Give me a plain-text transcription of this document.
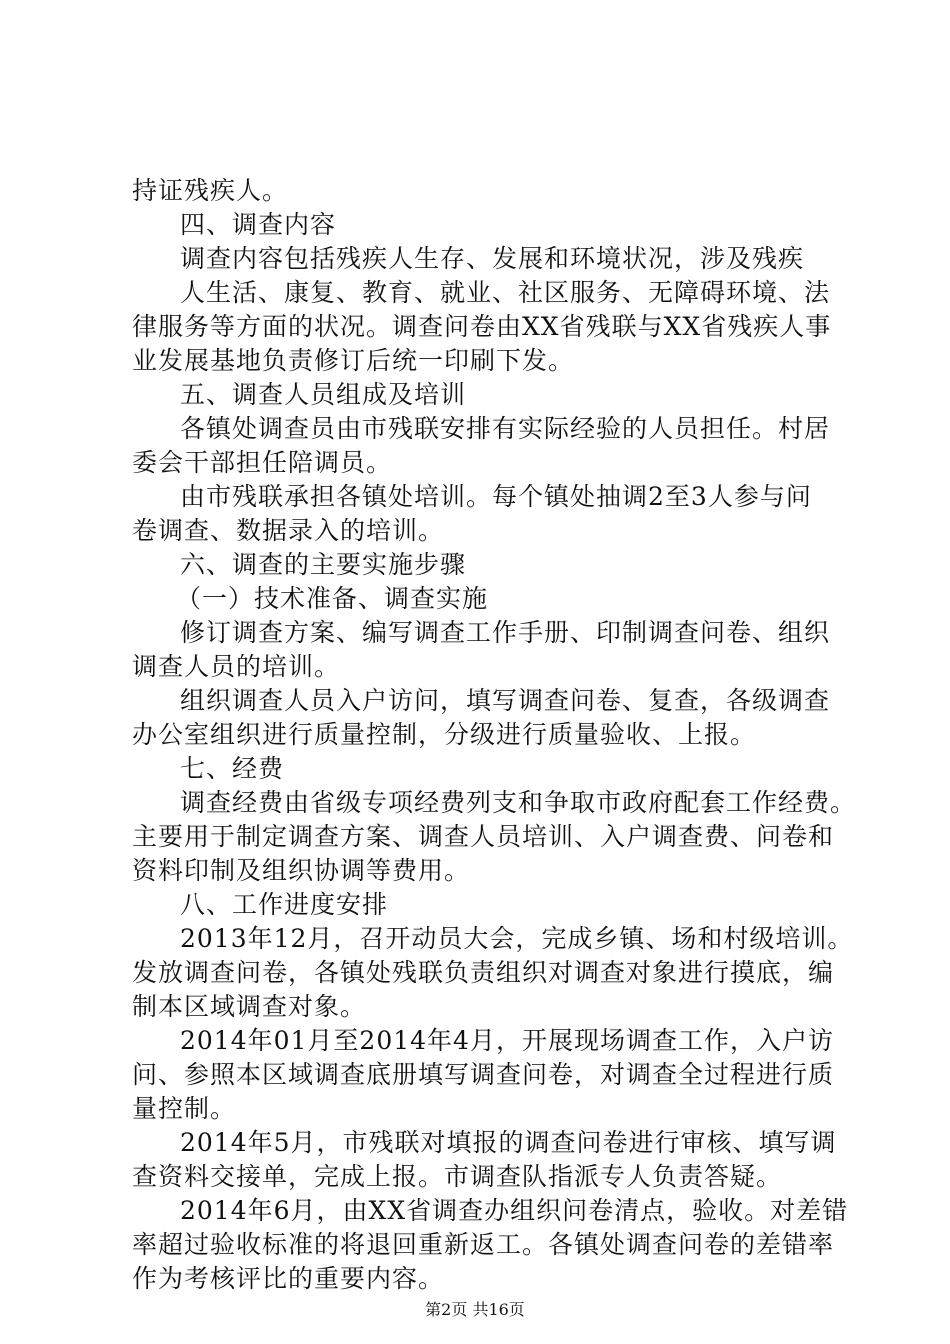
持证残疾人。
四、调查内容
调查内容包括残疾人生存、发展和环境状况，涉及残疾
人生活、康复、教育、就业、社区服务、无障碍环境、法
律服务等方面的状况。调查问卷由XX省残联与XX省残疾人事
业发展基地负责修订后统一印刷下发。
五、调查人员组成及培训
各镇处调查员由市残联安排有实际经验的人员担任。村居
委会干部担任陪调员。
由市残联承担各镇处培训。每个镇处抽调2至3人参与问
卷调查、数据录入的培训。
六、调查的主要实施步骤
（一）技术准备、调查实施
修订调查方案、编写调查工作手册、印制调查问卷、组织
调查人员的培训。
组织调查人员入户访问，填写调查问卷、复查，各级调查
办公室组织进行质量控制，分级进行质量验收、上报。
七、经费
调查经费由省级专项经费列支和争取市政府配套工作经费。
主要用于制定调查方案、调查人员培训、入户调查费、问卷和
资料印制及组织协调等费用。
八、工作进度安排
2013年12月，召开动员大会，完成乡镇、场和村级培训。
发放调查问卷，各镇处残联负责组织对调查对象进行摸底，编
制本区域调查对象。
2014年01月至2014年4月，开展现场调查工作，入户访
问、参照本区域调查底册填写调查问卷，对调查全过程进行质
量控制。
2014年5月，市残联对填报的调查问卷进行审核、填写调
查资料交接单，完成上报。市调查队指派专人负责答疑。
2014年6月，由XX省调查办组织问卷清点，验收。对差错
率超过验收标准的将退回重新返工。各镇处调查问卷的差错率
作为考核评比的重要内容。
第2页 共16页
